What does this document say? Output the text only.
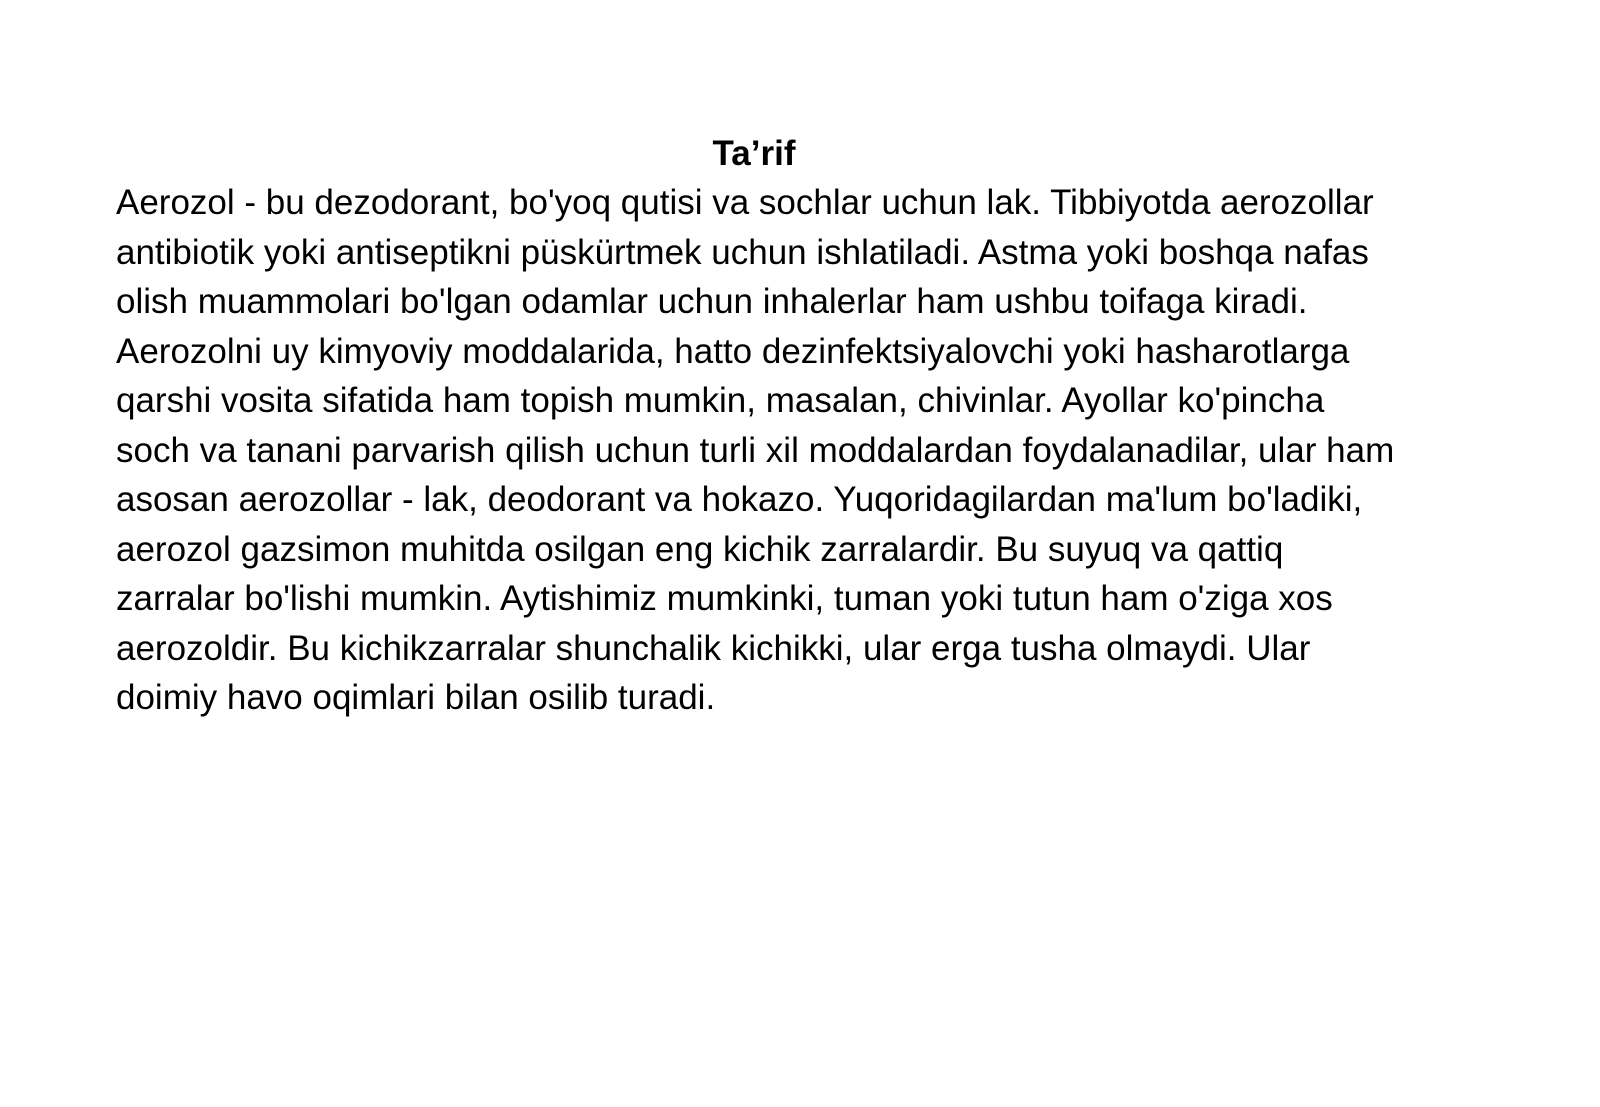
Ta’rif

Aerozol - bu dezodorant, bo'yoq qutisi va sochlar uchun lak. Tibbiyotda aerozollar antibiotik yoki antiseptikni püskürtmek uchun ishlatiladi. Astma yoki boshqa nafas olish muammolari bo'lgan odamlar uchun inhalerlar ham ushbu toifaga kiradi.

Aerozolni uy kimyoviy moddalarida, hatto dezinfektsiyalovchi yoki hasharotlarga qarshi vosita sifatida ham topish mumkin, masalan, chivinlar. Ayollar ko'pincha soch va tanani parvarish qilish uchun turli xil moddalardan foydalanadilar, ular ham asosan aerozollar - lak, deodorant va hokazo. Yuqoridagilardan ma'lum bo'ladiki, aerozol gazsimon muhitda osilgan eng kichik zarralardir. Bu suyuq va qattiq zarralar bo'lishi mumkin. Aytishimiz mumkinki, tuman yoki tutun ham o'ziga xos aerozoldir. Bu kichikzarralar shunchalik kichikki, ular erga tusha olmaydi. Ular doimiy havo oqimlari bilan osilib turadi.
